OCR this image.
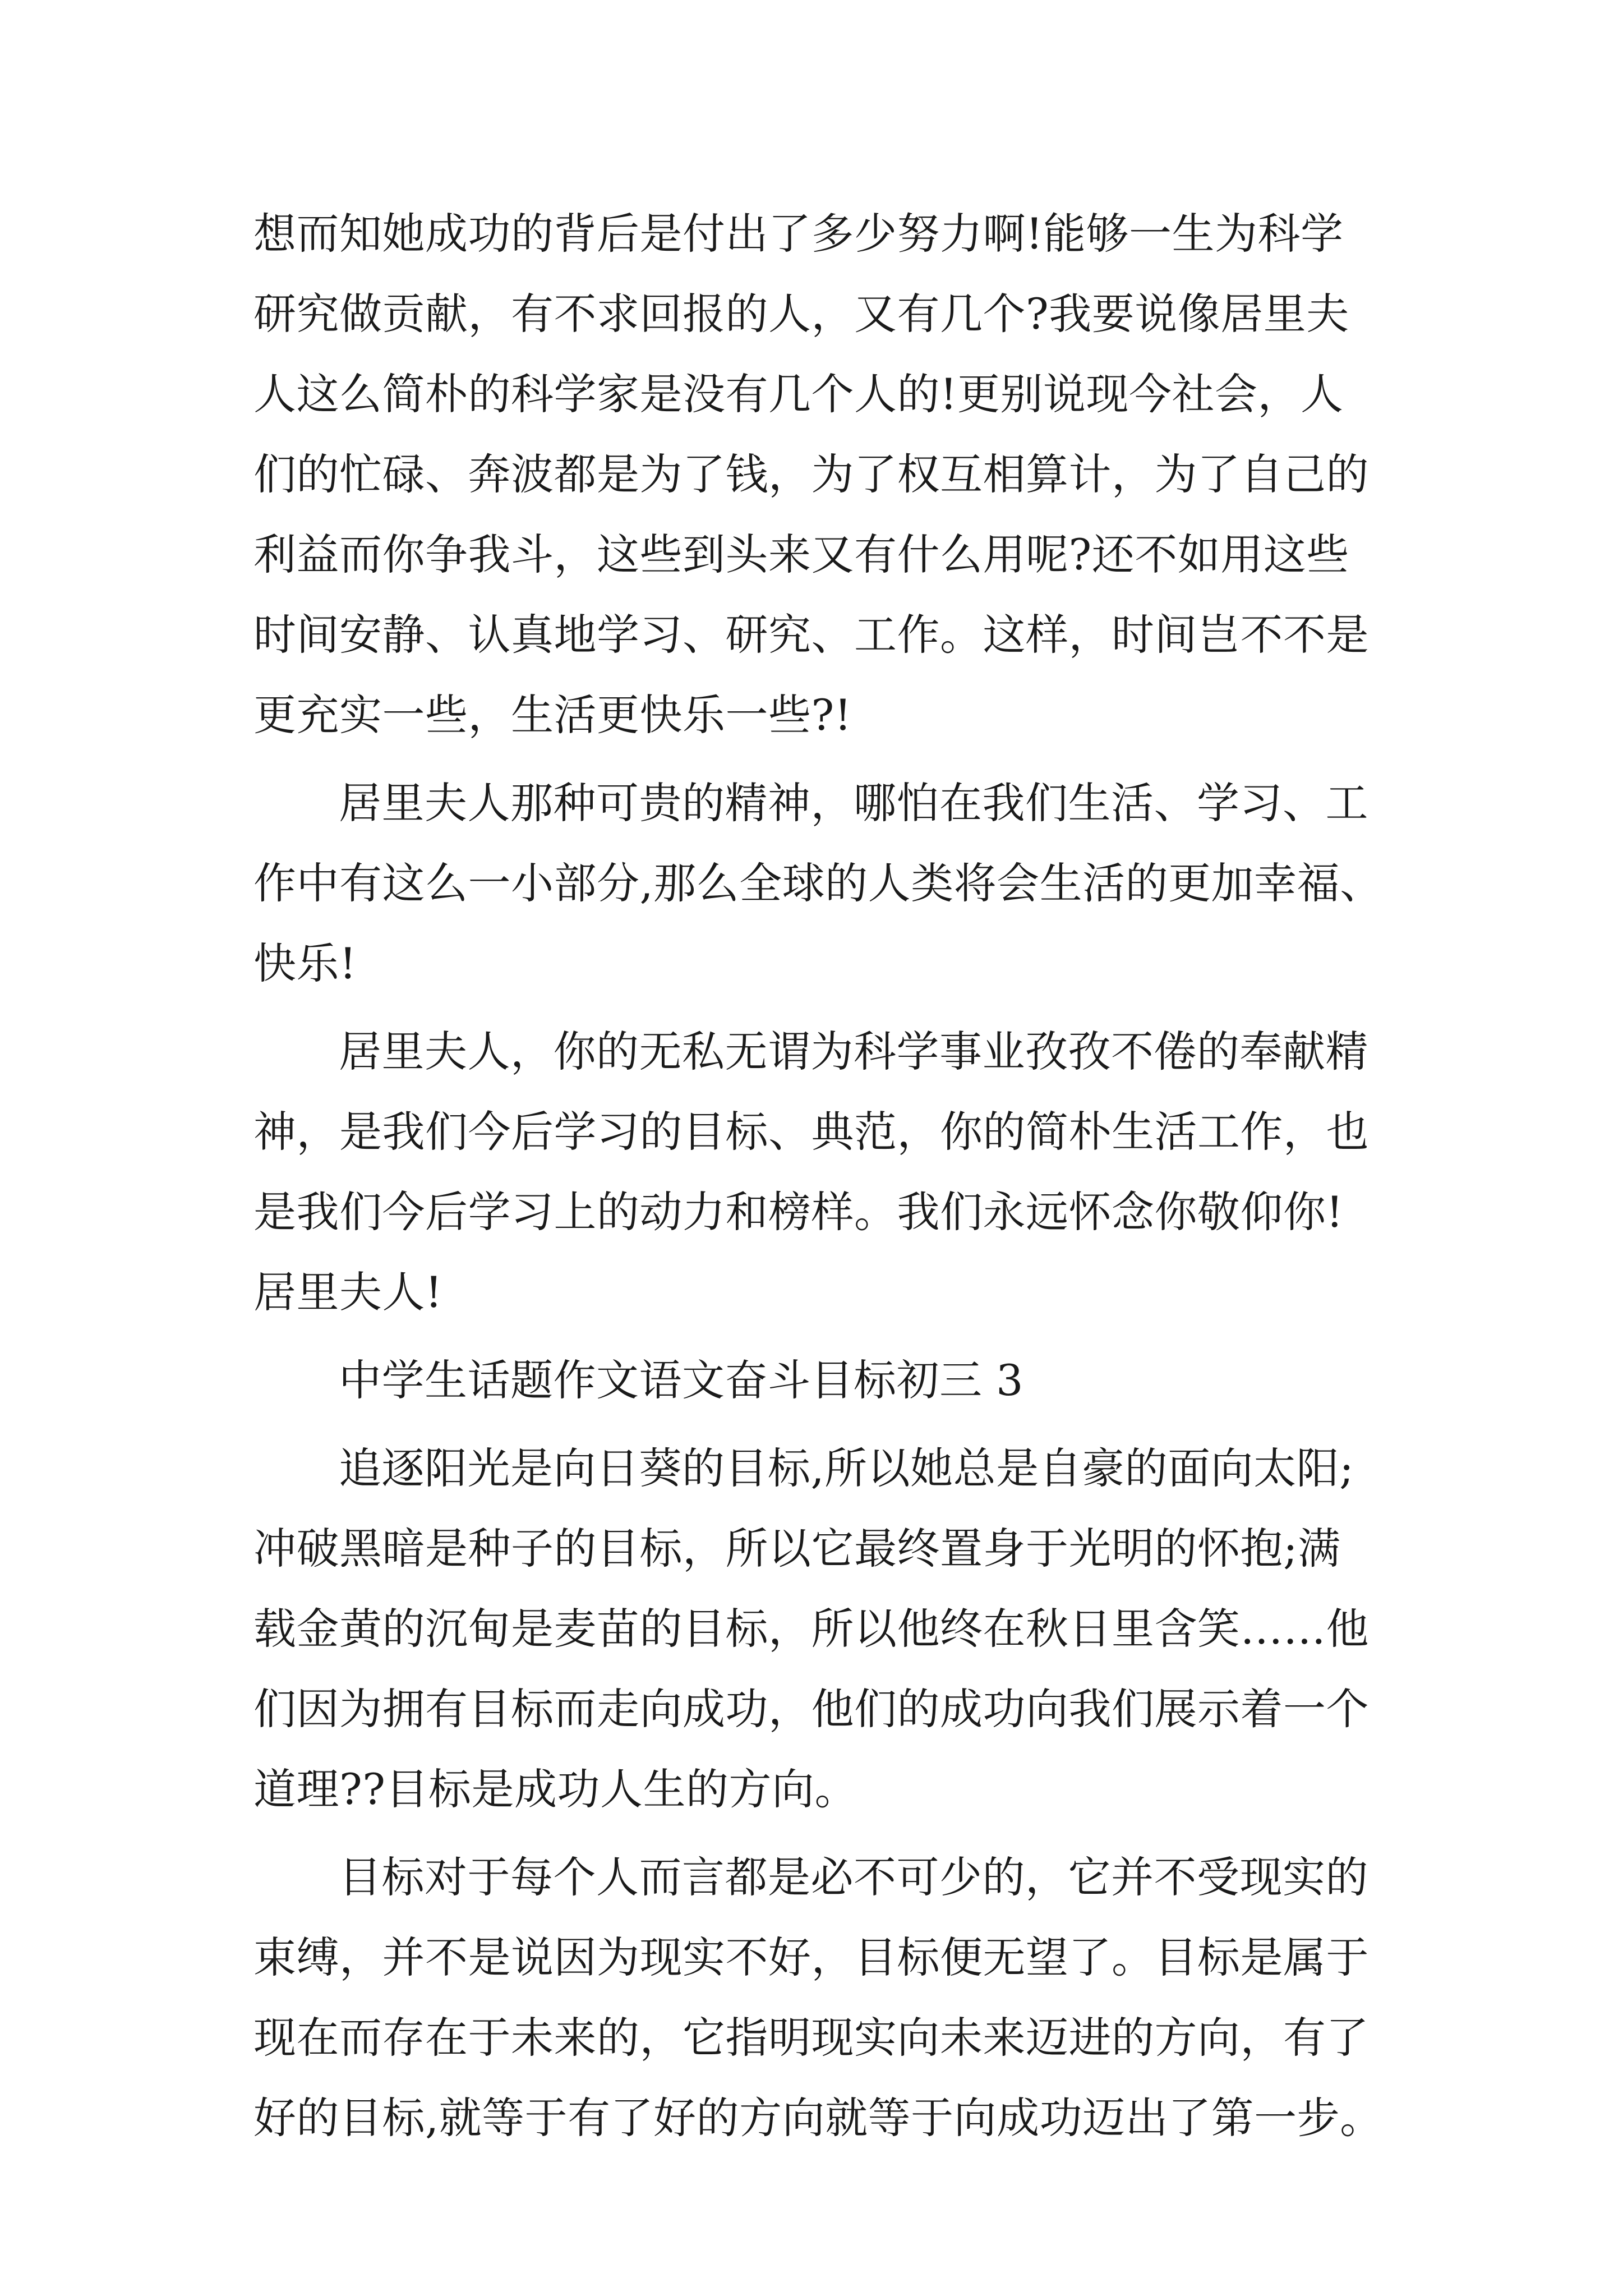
想而知她成功的背后是付出了多少努力啊!能够一生为科学
研究做贡献，有不求回报的人，又有几个?我要说像居里夫
人这么简朴的科学家是没有几个人的!更别说现今社会，人
们的忙碌、奔波都是为了钱，为了权互相算计，为了自己的
利益而你争我斗，这些到头来又有什么用呢?还不如用这些
时间安静、认真地学习、研究、工作。这样，时间岂不不是
更充实一些，生活更快乐一些?!
居里夫人那种可贵的精神，哪怕在我们生活、学习、工
作中有这么一小部分,那么全球的人类将会生活的更加幸福、
快乐!
居里夫人，你的无私无谓为科学事业孜孜不倦的奉献精
神，是我们今后学习的目标、典范，你的简朴生活工作，也
是我们今后学习上的动力和榜样。我们永远怀念你敬仰你!
居里夫人!
中学生话题作文语文奋斗目标初三 3
追逐阳光是向日葵的目标,所以她总是自豪的面向太阳;
冲破黑暗是种子的目标，所以它最终置身于光明的怀抱;满
载金黄的沉甸是麦苗的目标，所以他终在秋日里含笑……他
们因为拥有目标而走向成功，他们的成功向我们展示着一个
道理??目标是成功人生的方向。
目标对于每个人而言都是必不可少的，它并不受现实的
束缚，并不是说因为现实不好，目标便无望了。目标是属于
现在而存在于未来的，它指明现实向未来迈进的方向，有了
好的目标,就等于有了好的方向就等于向成功迈出了第一步。
